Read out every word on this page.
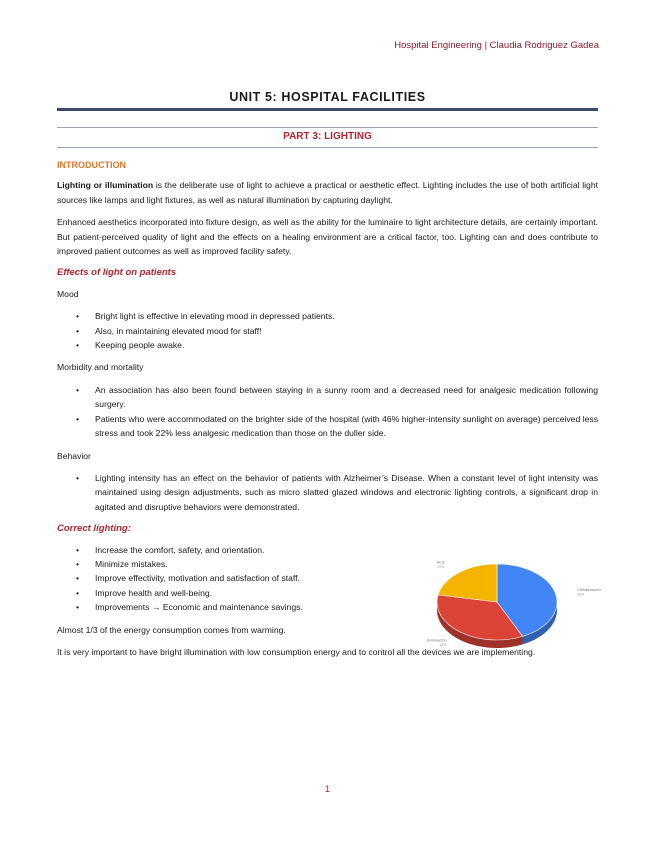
Hospital Engineering | Claudia Rodriguez Gadea
UNIT 5: HOSPITAL FACILITIES
PART 3: LIGHTING
INTRODUCTION

Lighting or illumination is the deliberate use of light to achieve a practical or aesthetic effect. Lighting includes the use of both artificial light sources like lamps and light fixtures, as well as natural illumination by capturing daylight.

Enhanced aesthetics incorporated into fixture design, as well as the ability for the luminaire to light architecture details, are certainly important. But patient-perceived quality of light and the effects on a healing environment are a critical factor, too. Lighting can and does contribute to improved patient outcomes as well as improved facility safety.

Effects of light on patients
Mood
• Bright light is effective in elevating mood in depressed patients.
• Also, in maintaining elevated mood for staff!
• Keeping people awake.
Morbidity and mortality
• An association has also been found between staying in a sunny room and a decreased need for analgesic medication following surgery.
• Patients who were accommodated on the brighter side of the hospital (with 46% higher-intensity sunlight on average) perceived less stress and took 22% less analgesic medication than those on the duller side.
Behavior
• Lighting intensity has an effect on the behavior of patients with Alzheimer’s Disease. When a constant level of light intensity was maintained using design adjustments, such as micro slatted glazed windows and electronic lighting controls, a significant drop in agitated and disruptive behaviors were demonstrated.
Correct lighting:
• Increase the comfort, safety, and orientation.
• Minimize mistakes.
• Improve effectivity, motivation and satisfaction of staff.
• Improve health and well-being.
• Improvements → Economic and maintenance savings.

Almost 1/3 of the energy consumption comes from warming.

It is very important to have bright illumination with low consumption energy and to control all the devices we are implementing.

Climatización
43%
Iluminación
35%
ACS
22%
1
